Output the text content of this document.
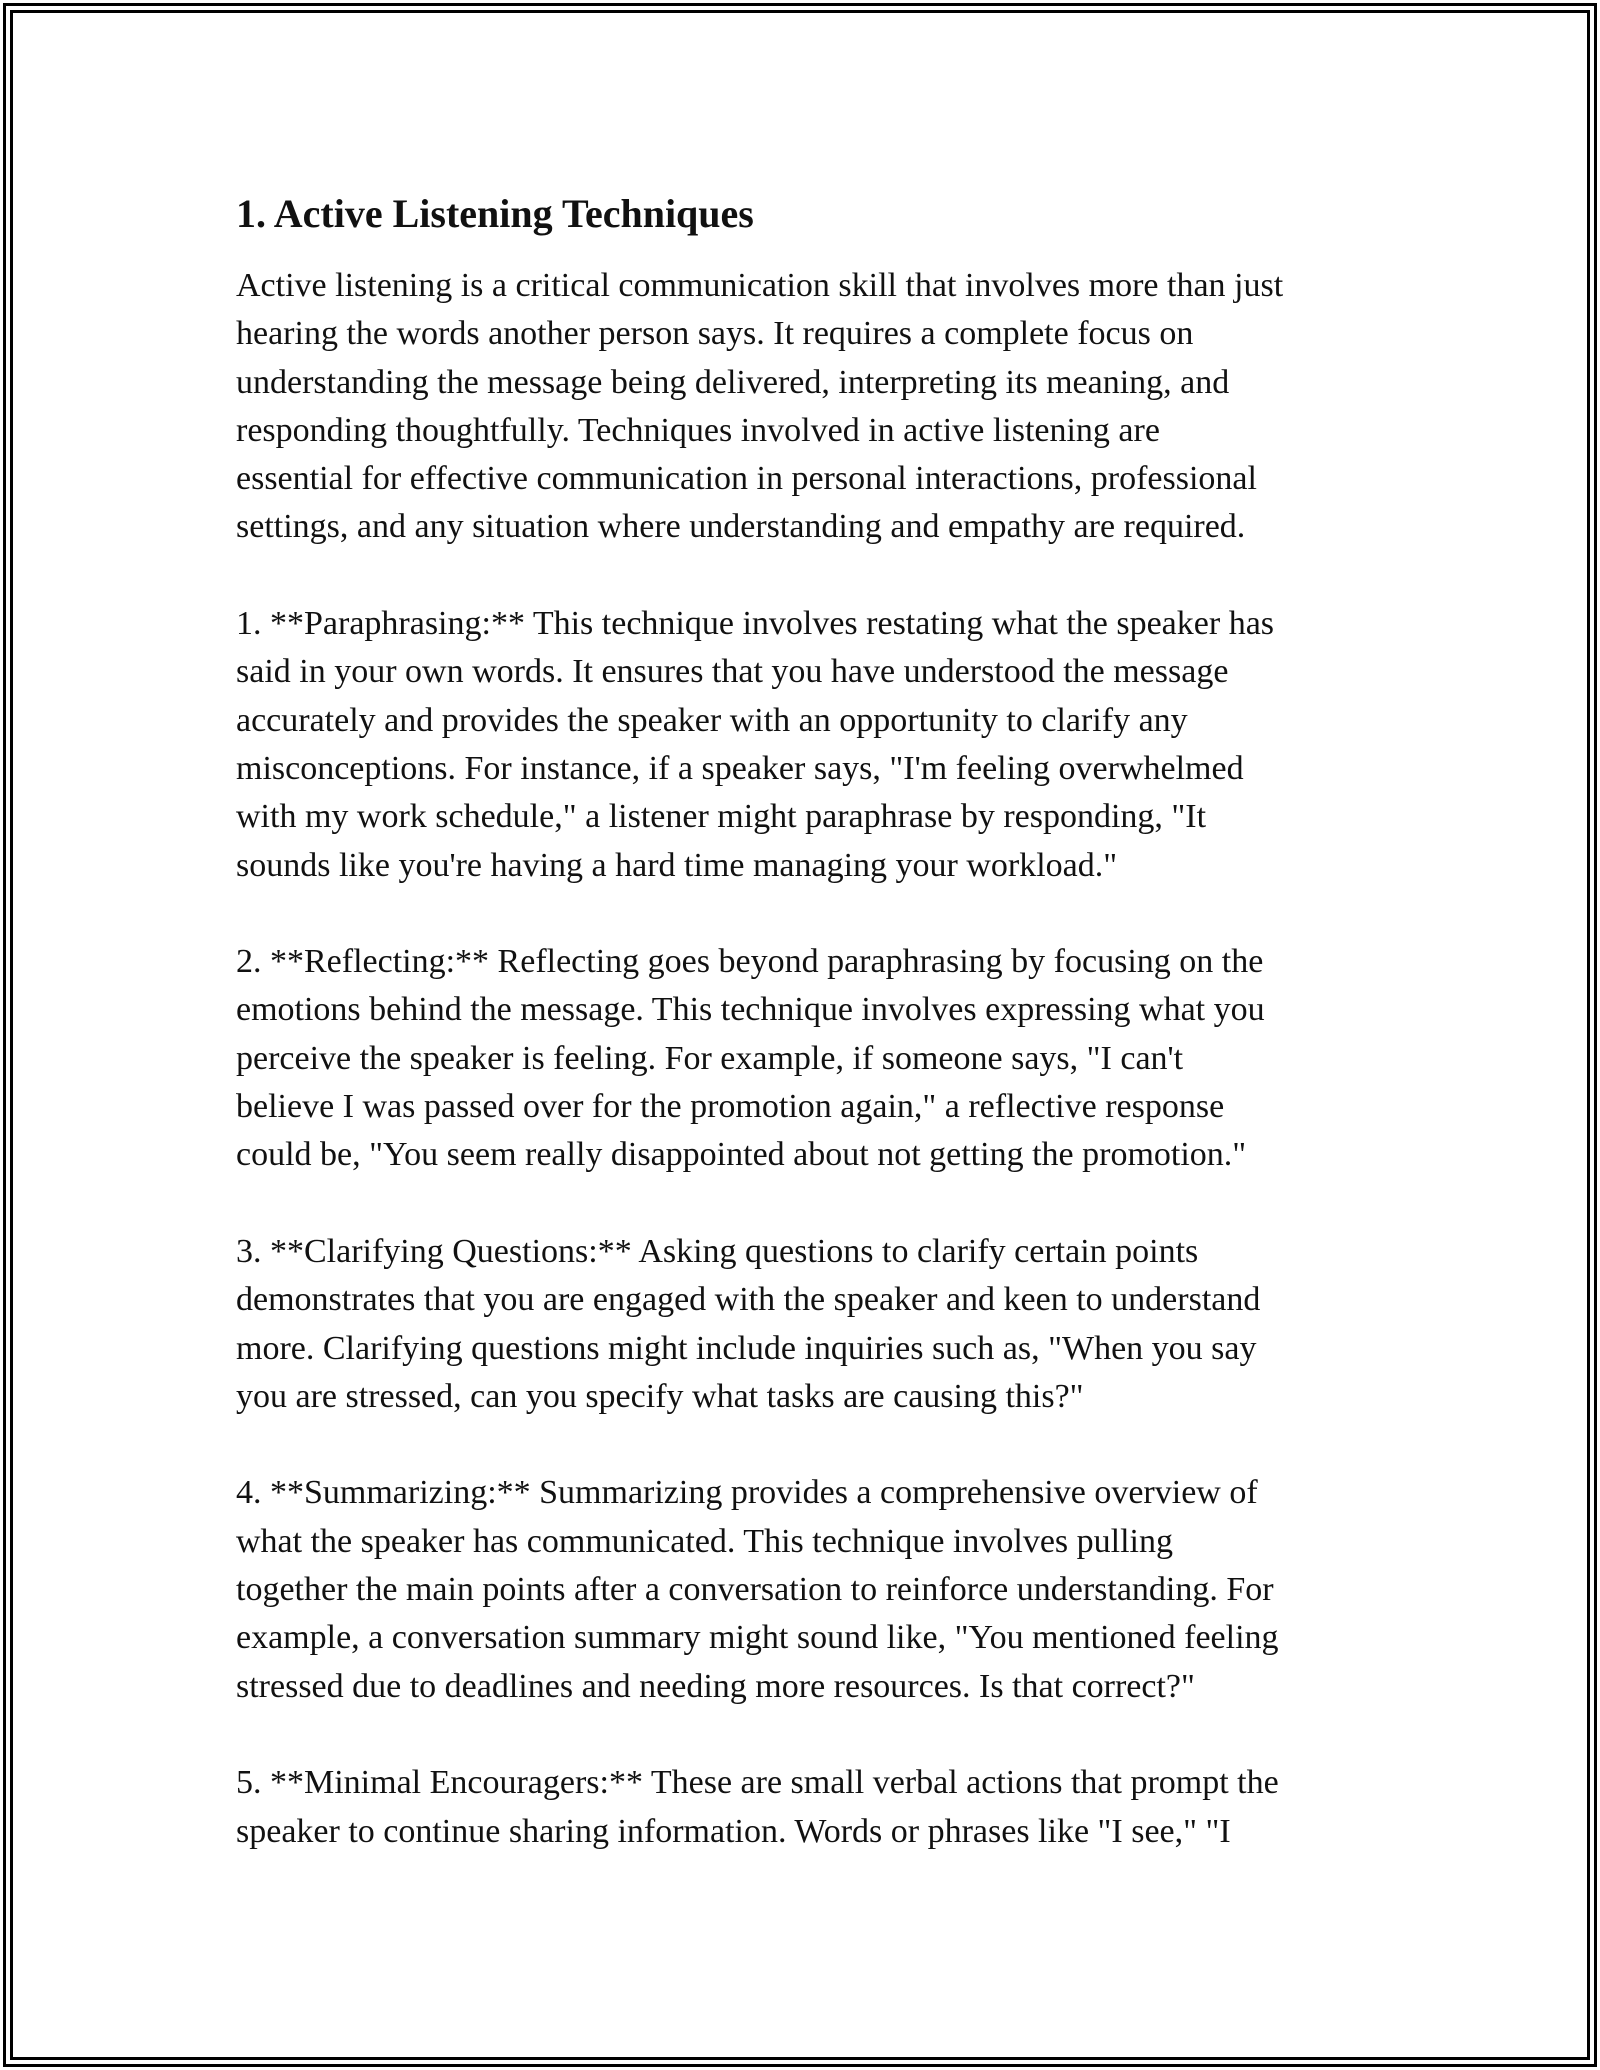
1. Active Listening Techniques

Active listening is a critical communication skill that involves more than just
hearing the words another person says. It requires a complete focus on
understanding the message being delivered, interpreting its meaning, and
responding thoughtfully. Techniques involved in active listening are
essential for effective communication in personal interactions, professional
settings, and any situation where understanding and empathy are required.

1. **Paraphrasing:** This technique involves restating what the speaker has
said in your own words. It ensures that you have understood the message
accurately and provides the speaker with an opportunity to clarify any
misconceptions. For instance, if a speaker says, "I'm feeling overwhelmed
with my work schedule," a listener might paraphrase by responding, "It
sounds like you're having a hard time managing your workload."

2. **Reflecting:** Reflecting goes beyond paraphrasing by focusing on the
emotions behind the message. This technique involves expressing what you
perceive the speaker is feeling. For example, if someone says, "I can't
believe I was passed over for the promotion again," a reflective response
could be, "You seem really disappointed about not getting the promotion."

3. **Clarifying Questions:** Asking questions to clarify certain points
demonstrates that you are engaged with the speaker and keen to understand
more. Clarifying questions might include inquiries such as, "When you say
you are stressed, can you specify what tasks are causing this?"

4. **Summarizing:** Summarizing provides a comprehensive overview of
what the speaker has communicated. This technique involves pulling
together the main points after a conversation to reinforce understanding. For
example, a conversation summary might sound like, "You mentioned feeling
stressed due to deadlines and needing more resources. Is that correct?"

5. **Minimal Encouragers:** These are small verbal actions that prompt the
speaker to continue sharing information. Words or phrases like "I see," "I
